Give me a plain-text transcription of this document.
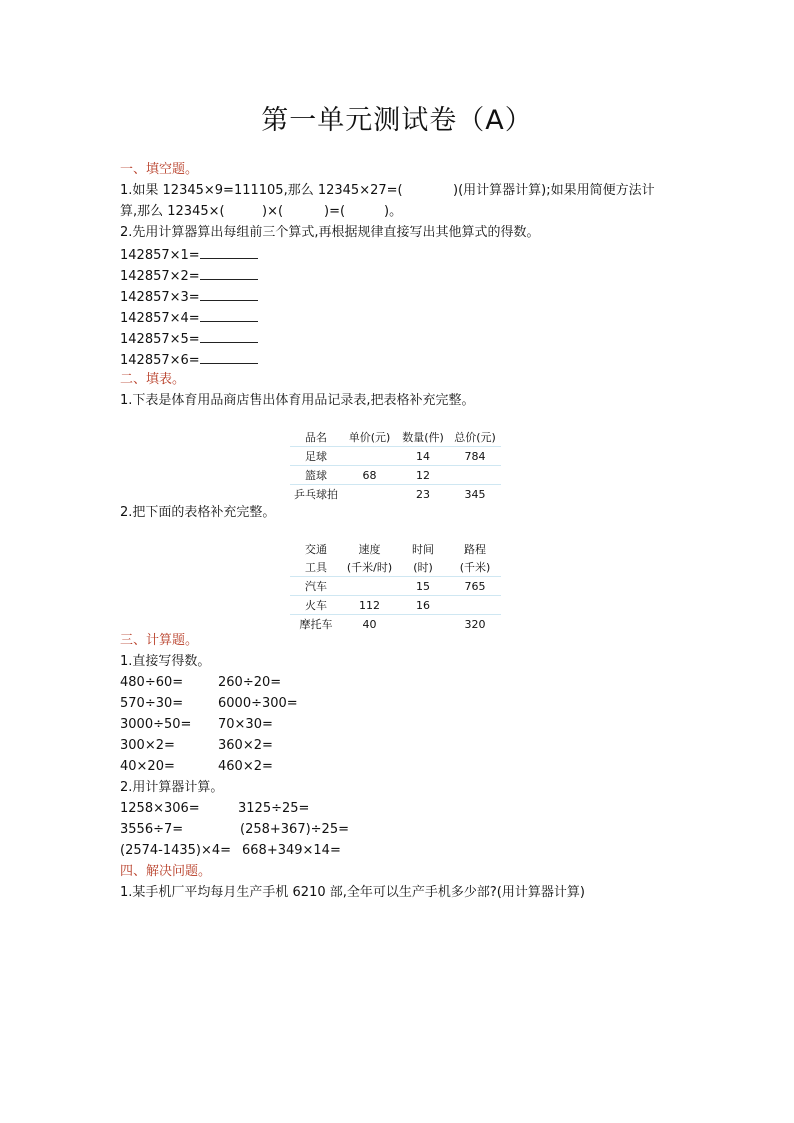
第一单元测试卷（A）
一、填空题。
1.如果 12345×9=111105,那么 12345×27=(	)(用计算器计算);如果用简便方法计
算,那么 12345×(	)×(	)=(	)。
2.先用计算器算出每组前三个算式,再根据规律直接写出其他算式的得数。
142857×1=
142857×2=
142857×3=
142857×4=
142857×5=
142857×6=
二、填表。
1.下表是体育用品商店售出体育用品记录表,把表格补充完整。
品名	单价(元)	数量(件)	总价(元)
足球		14	784
篮球	68	12	
乒乓球拍		23	345
2.把下面的表格补充完整。
交通	速度	时间	路程
工具	(千米/时)	(时)	(千米)
汽车		15	765
火车	112	16	
摩托车	40		320
三、计算题。
1.直接写得数。
480÷60=	260÷20=
570÷30=	6000÷300=
3000÷50= 70×30=
300×2=	360×2=
40×20=	460×2=
2.用计算器计算。
1258×306=	3125÷25=
3556÷7=	(258+367)÷25=
(2574-1435)×4= 668+349×14=
四、解决问题。
1.某手机厂平均每月生产手机 6210 部,全年可以生产手机多少部?(用计算器计算)
